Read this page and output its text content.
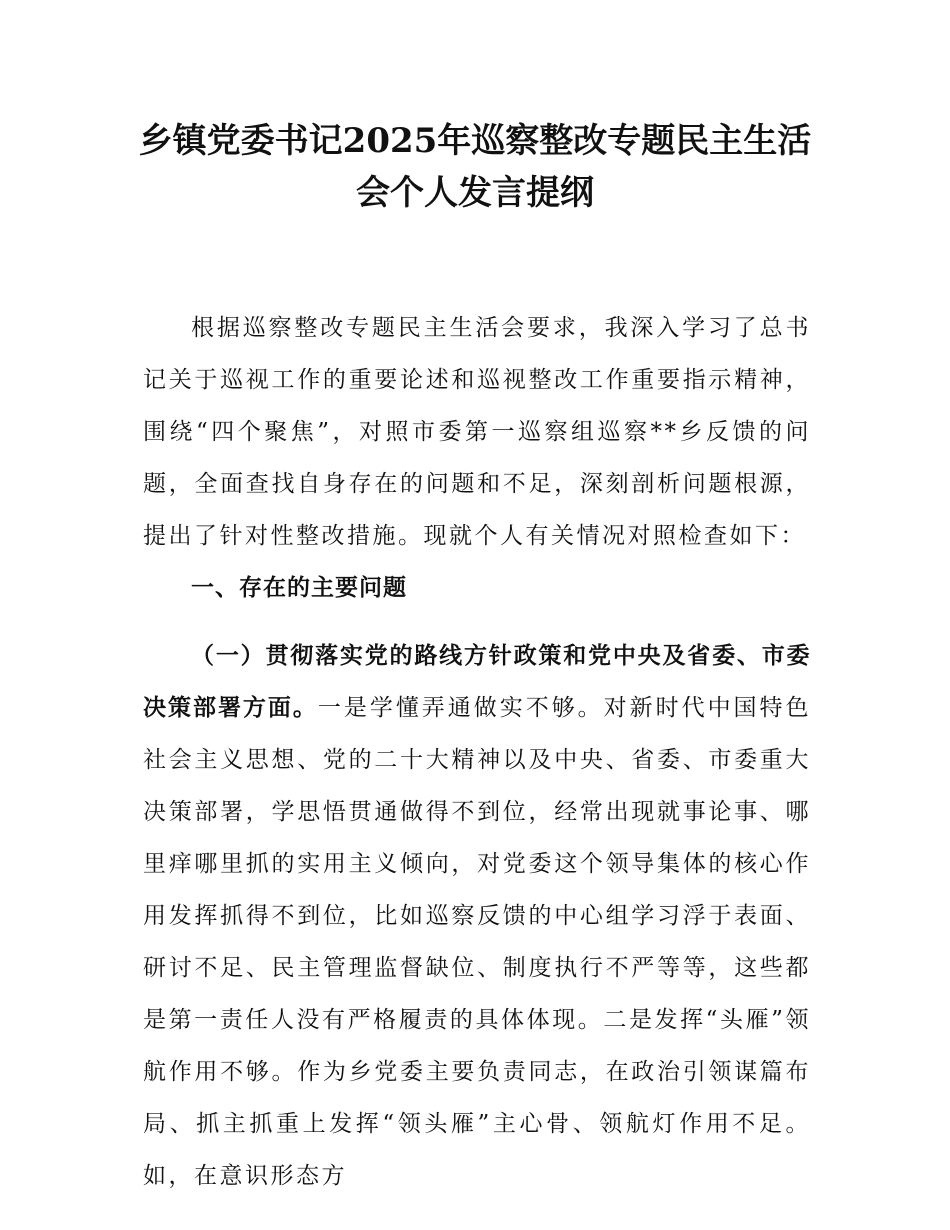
乡镇党委书记2025年巡察整改专题民主生活
会个人发言提纲

根据巡察整改专题民主生活会要求，我深入学习了总书记关于巡视工作的重要论述和巡视整改工作重要指示精神，围绕“四个聚焦”，对照市委第一巡察组巡察**乡反馈的问题，全面查找自身存在的问题和不足，深刻剖析问题根源，提出了针对性整改措施。现就个人有关情况对照检查如下：

一、存在的主要问题

（一）贯彻落实党的路线方针政策和党中央及省委、市委决策部署方面。一是学懂弄通做实不够。对新时代中国特色社会主义思想、党的二十大精神以及中央、省委、市委重大决策部署，学思悟贯通做得不到位，经常出现就事论事、哪里痒哪里抓的实用主义倾向，对党委这个领导集体的核心作用发挥抓得不到位，比如巡察反馈的中心组学习浮于表面、研讨不足、民主管理监督缺位、制度执行不严等等，这些都是第一责任人没有严格履责的具体体现。二是发挥“头雁”领航作用不够。作为乡党委主要负责同志，在政治引领谋篇布局、抓主抓重上发挥“领头雁”主心骨、领航灯作用不足。如，在意识形态方
